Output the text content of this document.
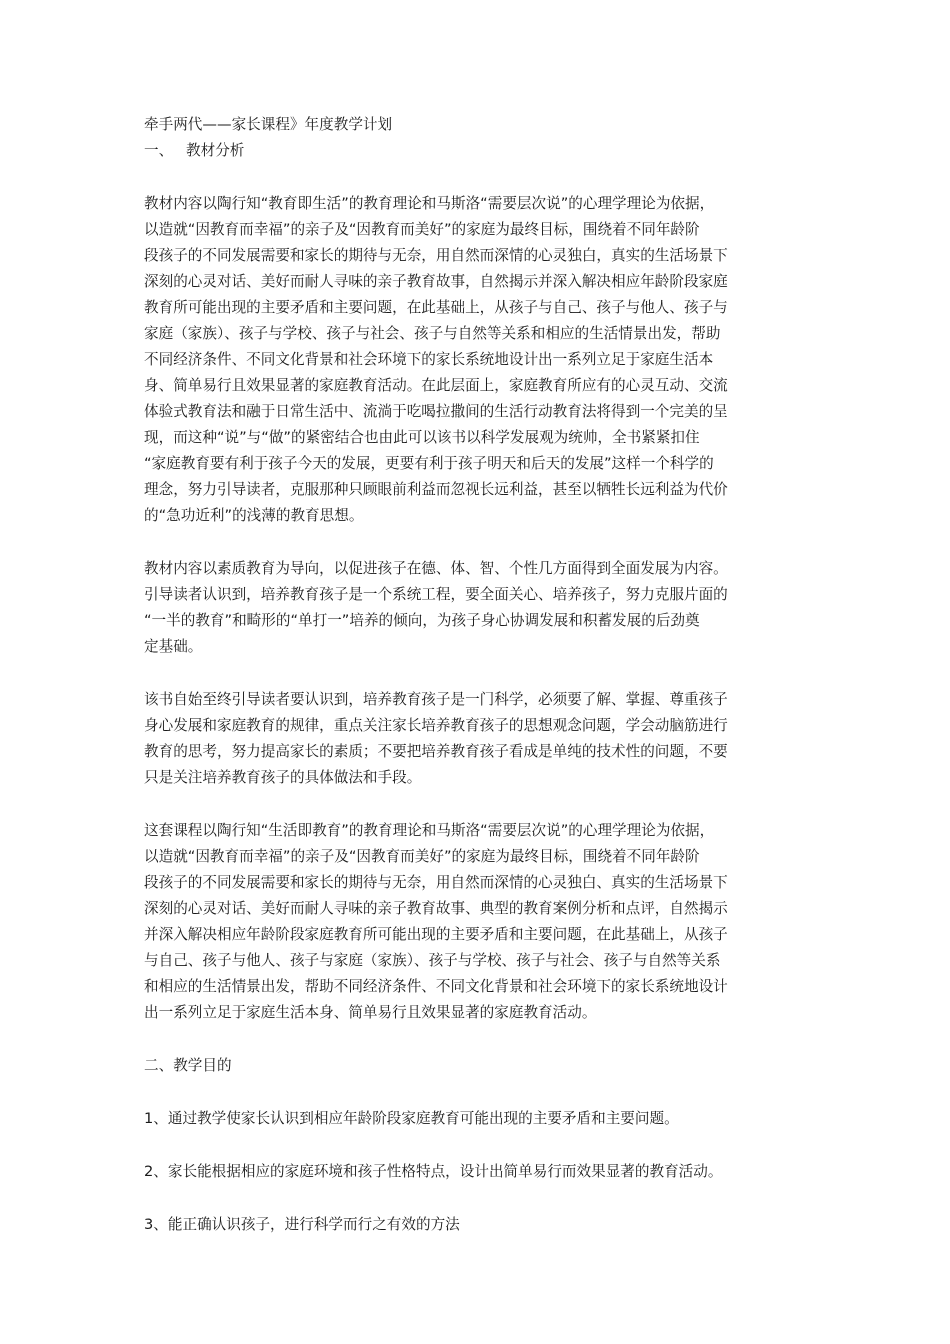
牵手两代——家长课程》年度教学计划

一、 教材分析

教材内容以陶行知“教育即生活”的教育理论和马斯洛“需要层次说”的心理学理论为依据，

以造就“因教育而幸福”的亲子及“因教育而美好”的家庭为最终目标，围绕着不同年龄阶

段孩子的不同发展需要和家长的期待与无奈，用自然而深情的心灵独白，真实的生活场景下

深刻的心灵对话、美好而耐人寻味的亲子教育故事，自然揭示并深入解决相应年龄阶段家庭

教育所可能出现的主要矛盾和主要问题，在此基础上，从孩子与自己、孩子与他人、孩子与

家庭（家族）、孩子与学校、孩子与社会、孩子与自然等关系和相应的生活情景出发，帮助

不同经济条件、不同文化背景和社会环境下的家长系统地设计出一系列立足于家庭生活本

身、简单易行且效果显著的家庭教育活动。在此层面上，家庭教育所应有的心灵互动、交流

体验式教育法和融于日常生活中、流淌于吃喝拉撒间的生活行动教育法将得到一个完美的呈

现，而这种“说”与“做”的紧密结合也由此可以该书以科学发展观为统帅，全书紧紧扣住

“家庭教育要有利于孩子今天的发展，更要有利于孩子明天和后天的发展”这样一个科学的

理念，努力引导读者，克服那种只顾眼前利益而忽视长远利益，甚至以牺牲长远利益为代价

的“急功近利”的浅薄的教育思想。

教材内容以素质教育为导向，以促进孩子在德、体、智、个性几方面得到全面发展为内容。

引导读者认识到，培养教育孩子是一个系统工程，要全面关心、培养孩子，努力克服片面的

“一半的教育”和畸形的“单打一”培养的倾向，为孩子身心协调发展和积蓄发展的后劲奠

定基础。

该书自始至终引导读者要认识到，培养教育孩子是一门科学，必须要了解、掌握、尊重孩子

身心发展和家庭教育的规律，重点关注家长培养教育孩子的思想观念问题，学会动脑筋进行

教育的思考，努力提高家长的素质；不要把培养教育孩子看成是单纯的技术性的问题，不要

只是关注培养教育孩子的具体做法和手段。

这套课程以陶行知“生活即教育”的教育理论和马斯洛“需要层次说”的心理学理论为依据，

以造就“因教育而幸福”的亲子及“因教育而美好”的家庭为最终目标，围绕着不同年龄阶

段孩子的不同发展需要和家长的期待与无奈，用自然而深情的心灵独白、真实的生活场景下

深刻的心灵对话、美好而耐人寻味的亲子教育故事、典型的教育案例分析和点评，自然揭示

并深入解决相应年龄阶段家庭教育所可能出现的主要矛盾和主要问题，在此基础上，从孩子

与自己、孩子与他人、孩子与家庭（家族）、孩子与学校、孩子与社会、孩子与自然等关系

和相应的生活情景出发，帮助不同经济条件、不同文化背景和社会环境下的家长系统地设计

出一系列立足于家庭生活本身、简单易行且效果显著的家庭教育活动。

二、教学目的

1、通过教学使家长认识到相应年龄阶段家庭教育可能出现的主要矛盾和主要问题。

2、家长能根据相应的家庭环境和孩子性格特点，设计出简单易行而效果显著的教育活动。

3、能正确认识孩子，进行科学而行之有效的方法
